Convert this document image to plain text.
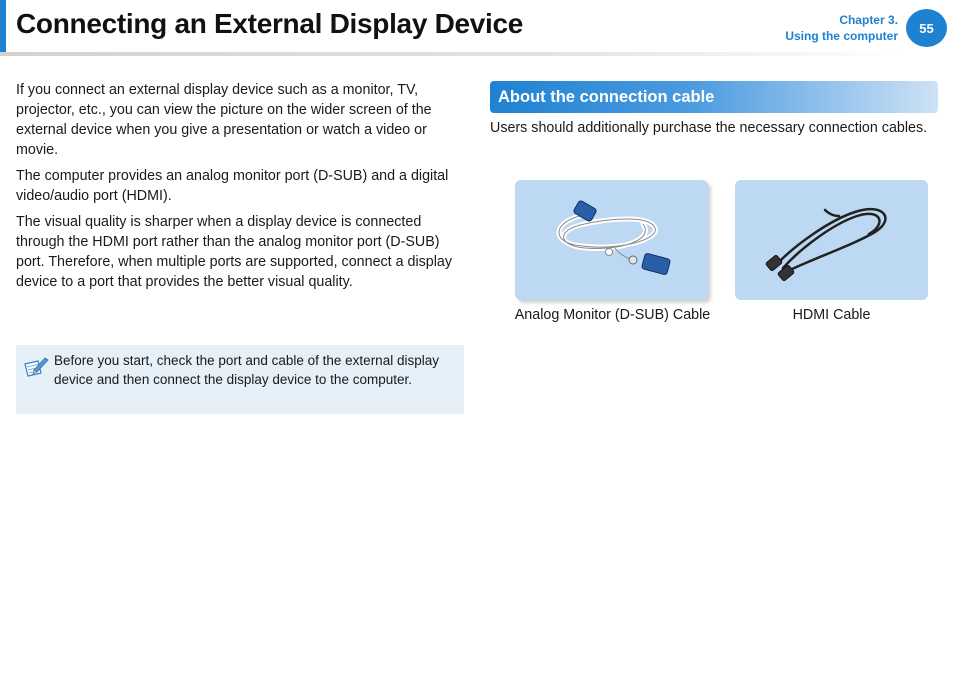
Connecting an External Display Device	Chapter 3.
Using the computer
55

If you connect an external display device such as a monitor, TV, projector, etc., you can view the picture on the wider screen of the external device when you give a presentation or watch a video or movie.

The computer provides an analog monitor port (D-SUB) and a digital video/audio port (HDMI).

The visual quality is sharper when a display device is connected through the HDMI port rather than the analog monitor port (D-SUB) port. Therefore, when multiple ports are supported, connect a display device to a port that provides the better visual quality.

Before you start, check the port and cable of the external display device and then connect the display device to the computer.
About the connection cable

Users should additionally purchase the necessary connection cables.

Analog Monitor (D-SUB) Cable	HDMI Cable
